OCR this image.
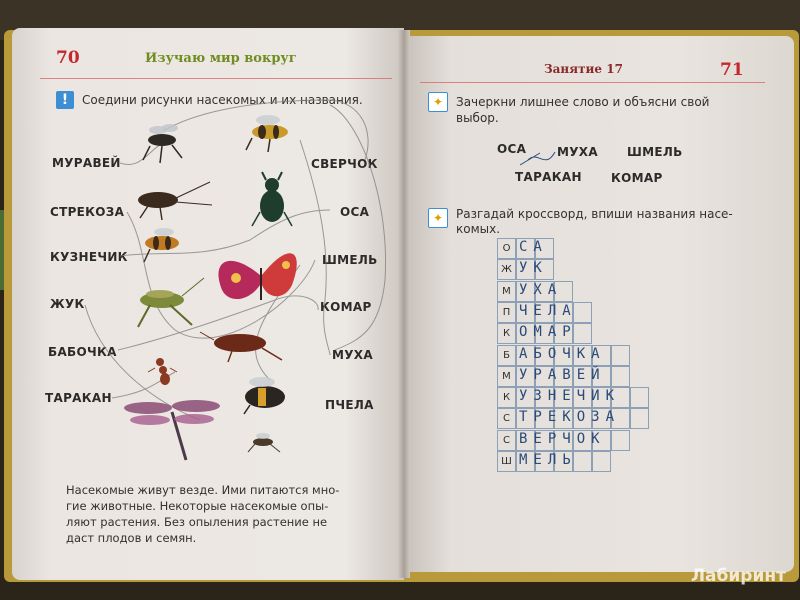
70	Изучаю мир вокруг
!	Соедини рисунки насекомых и их названия.
МУРАВЕЙ
СТРЕКОЗА
КУЗНЕЧИК
ЖУК
БАБОЧКА
ТАРАКАН
СВЕРЧОК
ОСА
ШМЕЛЬ
КОМАР
МУХА
ПЧЕЛА
Насекомые живут везде. Ими питаются мно-
гие животные. Некоторые насекомые опы-
ляют растения. Без опыления растение не
даст плодов и семян.
Занятие 17	71
✦	Зачеркни лишнее слово и объясни свой
выбор.
ОСА	МУХА ШМЕЛЬ
ТАРАКАН КОМАР
✦	Разгадай кроссворд, впиши названия насе-
комых.
О СА
Ж УК
М УХА
П ЧЕЛА
К ОМАР
Б АБОЧКА
М УРАВЕЙ
К УЗНЕЧИК
С ТРЕКОЗА
С ВЕРЧОК
Ш МЕЛЬ
Лабиринт
